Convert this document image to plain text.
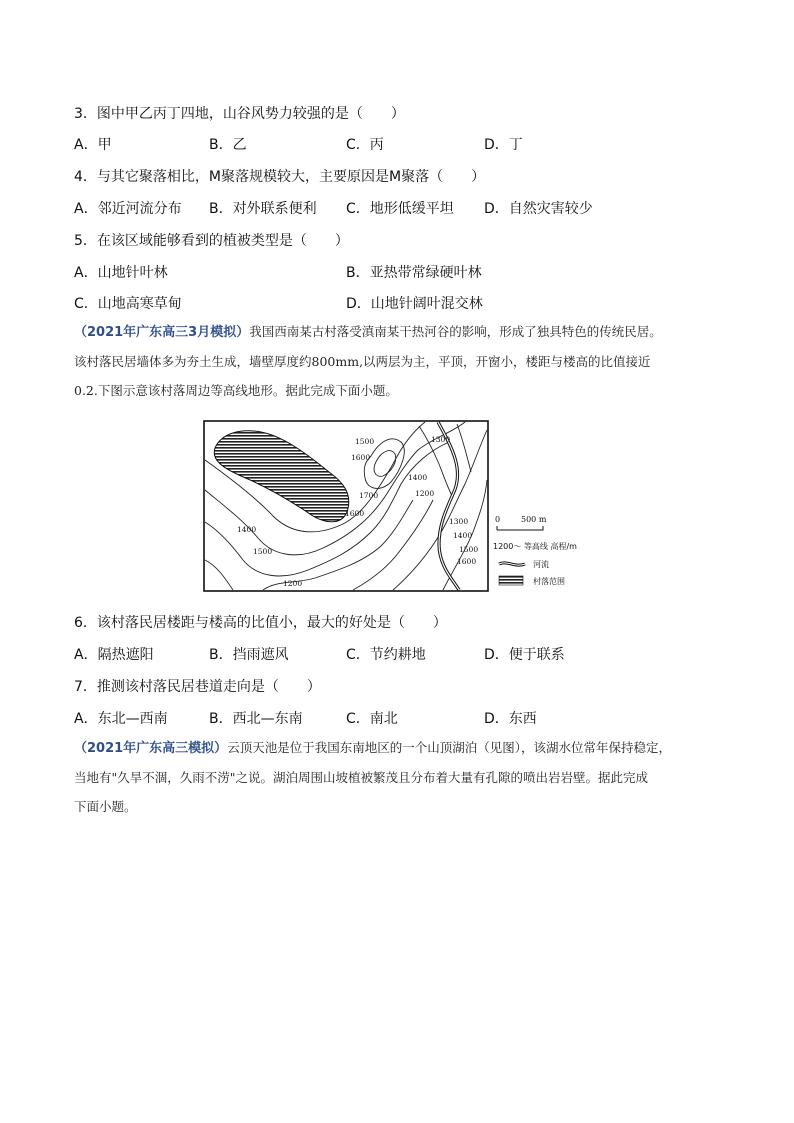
3．图中甲乙丙丁四地，山谷风势力较强的是（　　）
A．甲	B．乙	C．丙	D．丁
4．与其它聚落相比，M聚落规模较大，主要原因是M聚落（　　）
A．邻近河流分布 B．对外联系便利 C．地形低缓平坦 D．自然灾害较少
5．在该区域能够看到的植被类型是（　　）
A．山地针叶林	B．亚热带常绿硬叶林
C．山地高寒草甸	D．山地针阔叶混交林
（2021年广东高三3月模拟）我国西南某古村落受滇南某干热河谷的影响，形成了独具特色的传统民居。
该村落民居墙体多为夯土生成，墙壁厚度约800mm,以两层为主，平顶，开窗小，楼距与楼高的比值接近
0.2.下图示意该村落周边等高线地形。据此完成下面小题。
1500
1600
1700
1400
1300
1200
1400
1500
1600
1600
1500
1400
1300
1200
0	500 m
1200～ 等高线 高程/m
河流
村落范围
6．该村落民居楼距与楼高的比值小，最大的好处是（　　）
A．隔热遮阳	B．挡雨遮风	C．节约耕地	D．便于联系
7．推测该村落民居巷道走向是（　　）
A．东北—西南	B．西北—东南	C．南北	D．东西
（2021年广东高三模拟）云顶天池是位于我国东南地区的一个山顶湖泊（见图），该湖水位常年保持稳定，
当地有"久旱不涸，久雨不涝"之说。湖泊周围山坡植被繁茂且分布着大量有孔隙的喷出岩岩壁。据此完成
下面小题。
